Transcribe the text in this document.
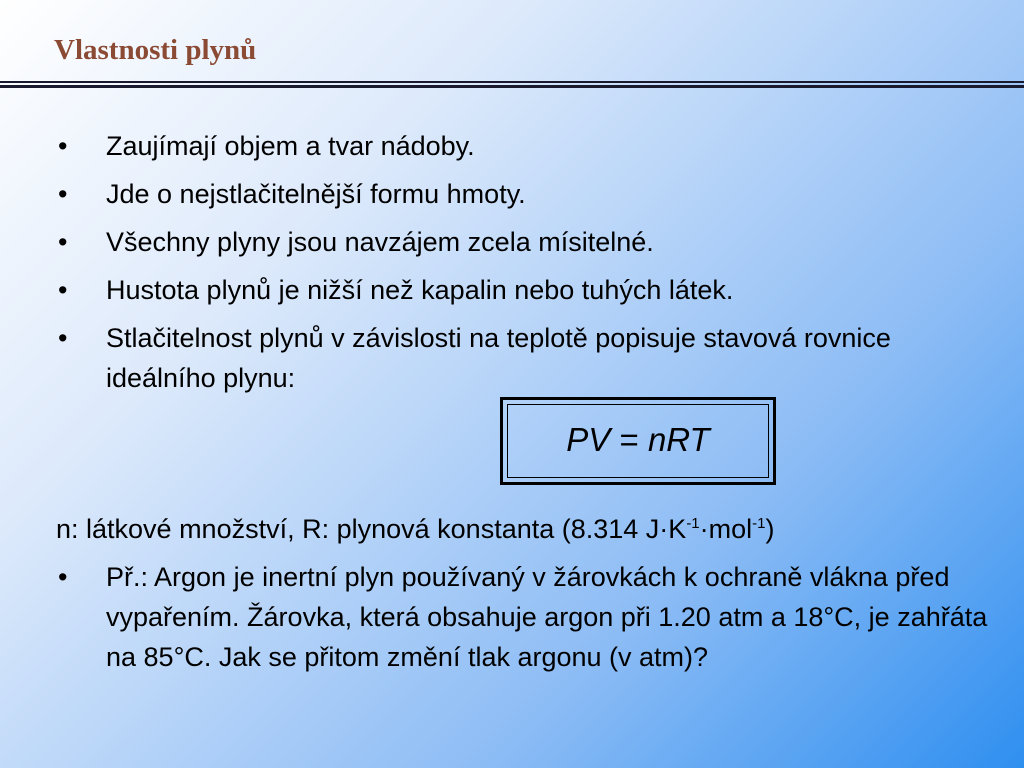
Vlastnosti plynů
• Zaujímají objem a tvar nádoby.
• Jde o nejstlačitelnější formu hmoty.
• Všechny plyny jsou navzájem zcela mísitelné.
• Hustota plynů je nižší než kapalin nebo tuhých látek.
• Stlačitelnost plynů v závislosti na teplotě popisuje stavová rovnice ideálního plynu:
PV = nRT
n: látkové množství, R: plynová konstanta (8.314 $J\cdot K^{-1}\cdot mol^{-1}$)
• Př.: Argon je inertní plyn používaný v žárovkách k ochraně vlákna před vypařením. Žárovka, která obsahuje argon při 1.20 atm a 18°C, je zahřáta na 85°C. Jak se přitom změní tlak argonu (v atm)?
